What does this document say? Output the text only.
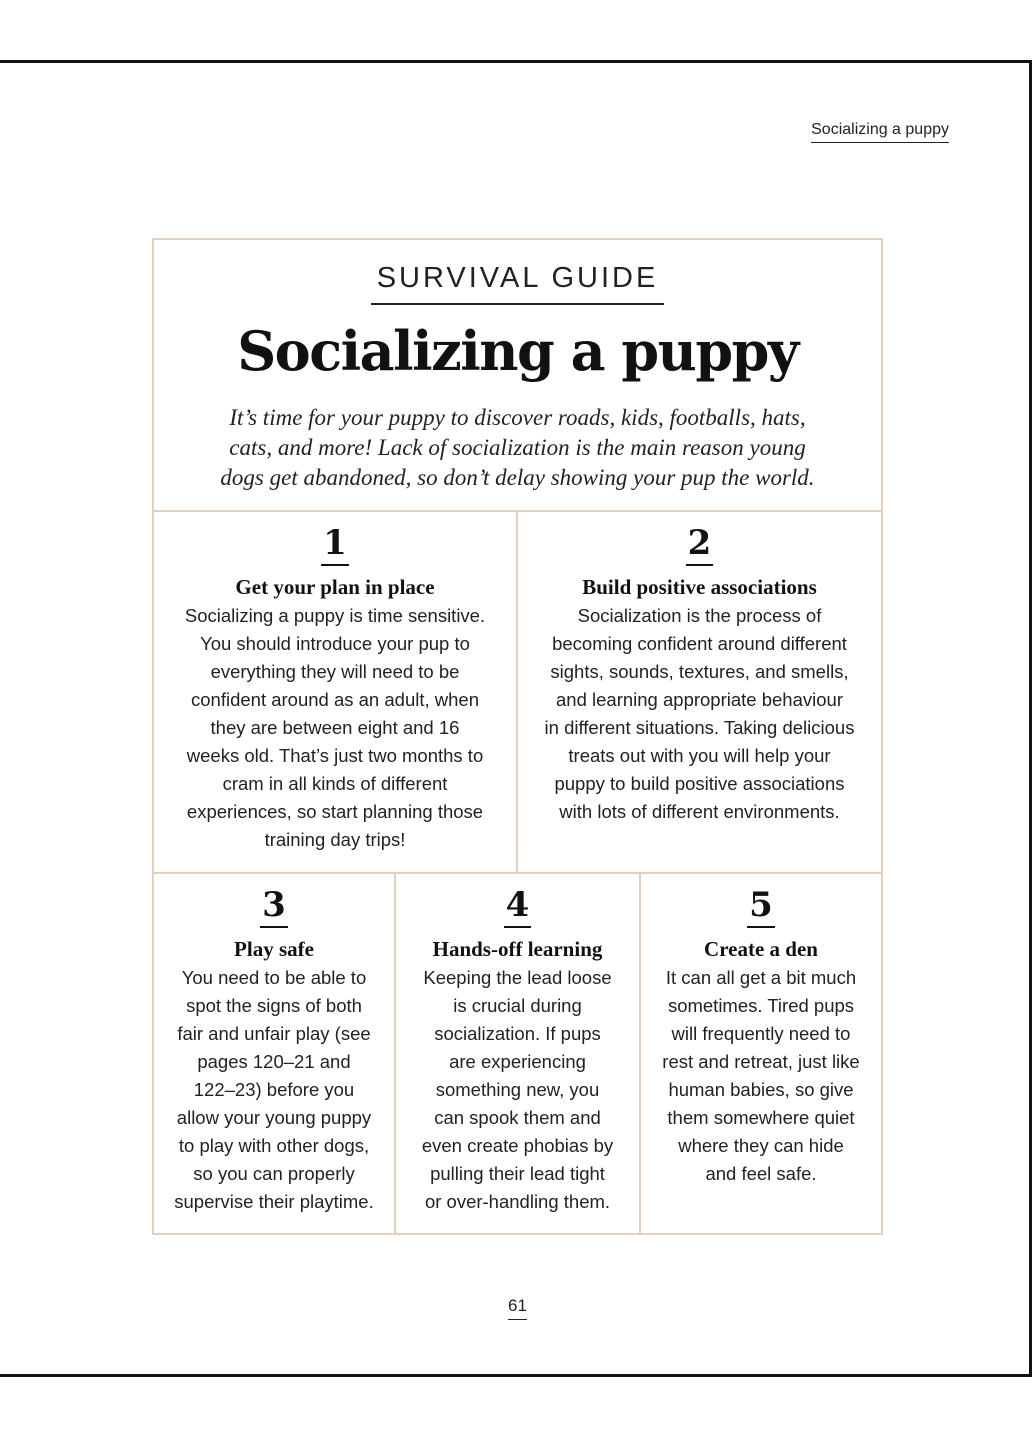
Socializing a puppy
SURVIVAL GUIDE
Socializing a puppy
It’s time for your puppy to discover roads, kids, footballs, hats,
cats, and more! Lack of socialization is the main reason young
dogs get abandoned, so don’t delay showing your pup the world.
1
Get your plan in place
Socializing a puppy is time sensitive.
You should introduce your pup to
everything they will need to be
confident around as an adult, when
they are between eight and 16
weeks old. That’s just two months to
cram in all kinds of different
experiences, so start planning those
training day trips!
2
Build positive associations
Socialization is the process of
becoming confident around different
sights, sounds, textures, and smells,
and learning appropriate behaviour
in different situations. Taking delicious
treats out with you will help your
puppy to build positive associations
with lots of different environments.
3
Play safe
You need to be able to
spot the signs of both
fair and unfair play (see
pages 120–21 and
122–23) before you
allow your young puppy
to play with other dogs,
so you can properly
supervise their playtime.
4
Hands-off learning
Keeping the lead loose
is crucial during
socialization. If pups
are experiencing
something new, you
can spook them and
even create phobias by
pulling their lead tight
or over-handling them.
5
Create a den
It can all get a bit much
sometimes. Tired pups
will frequently need to
rest and retreat, just like
human babies, so give
them somewhere quiet
where they can hide
and feel safe.
61
